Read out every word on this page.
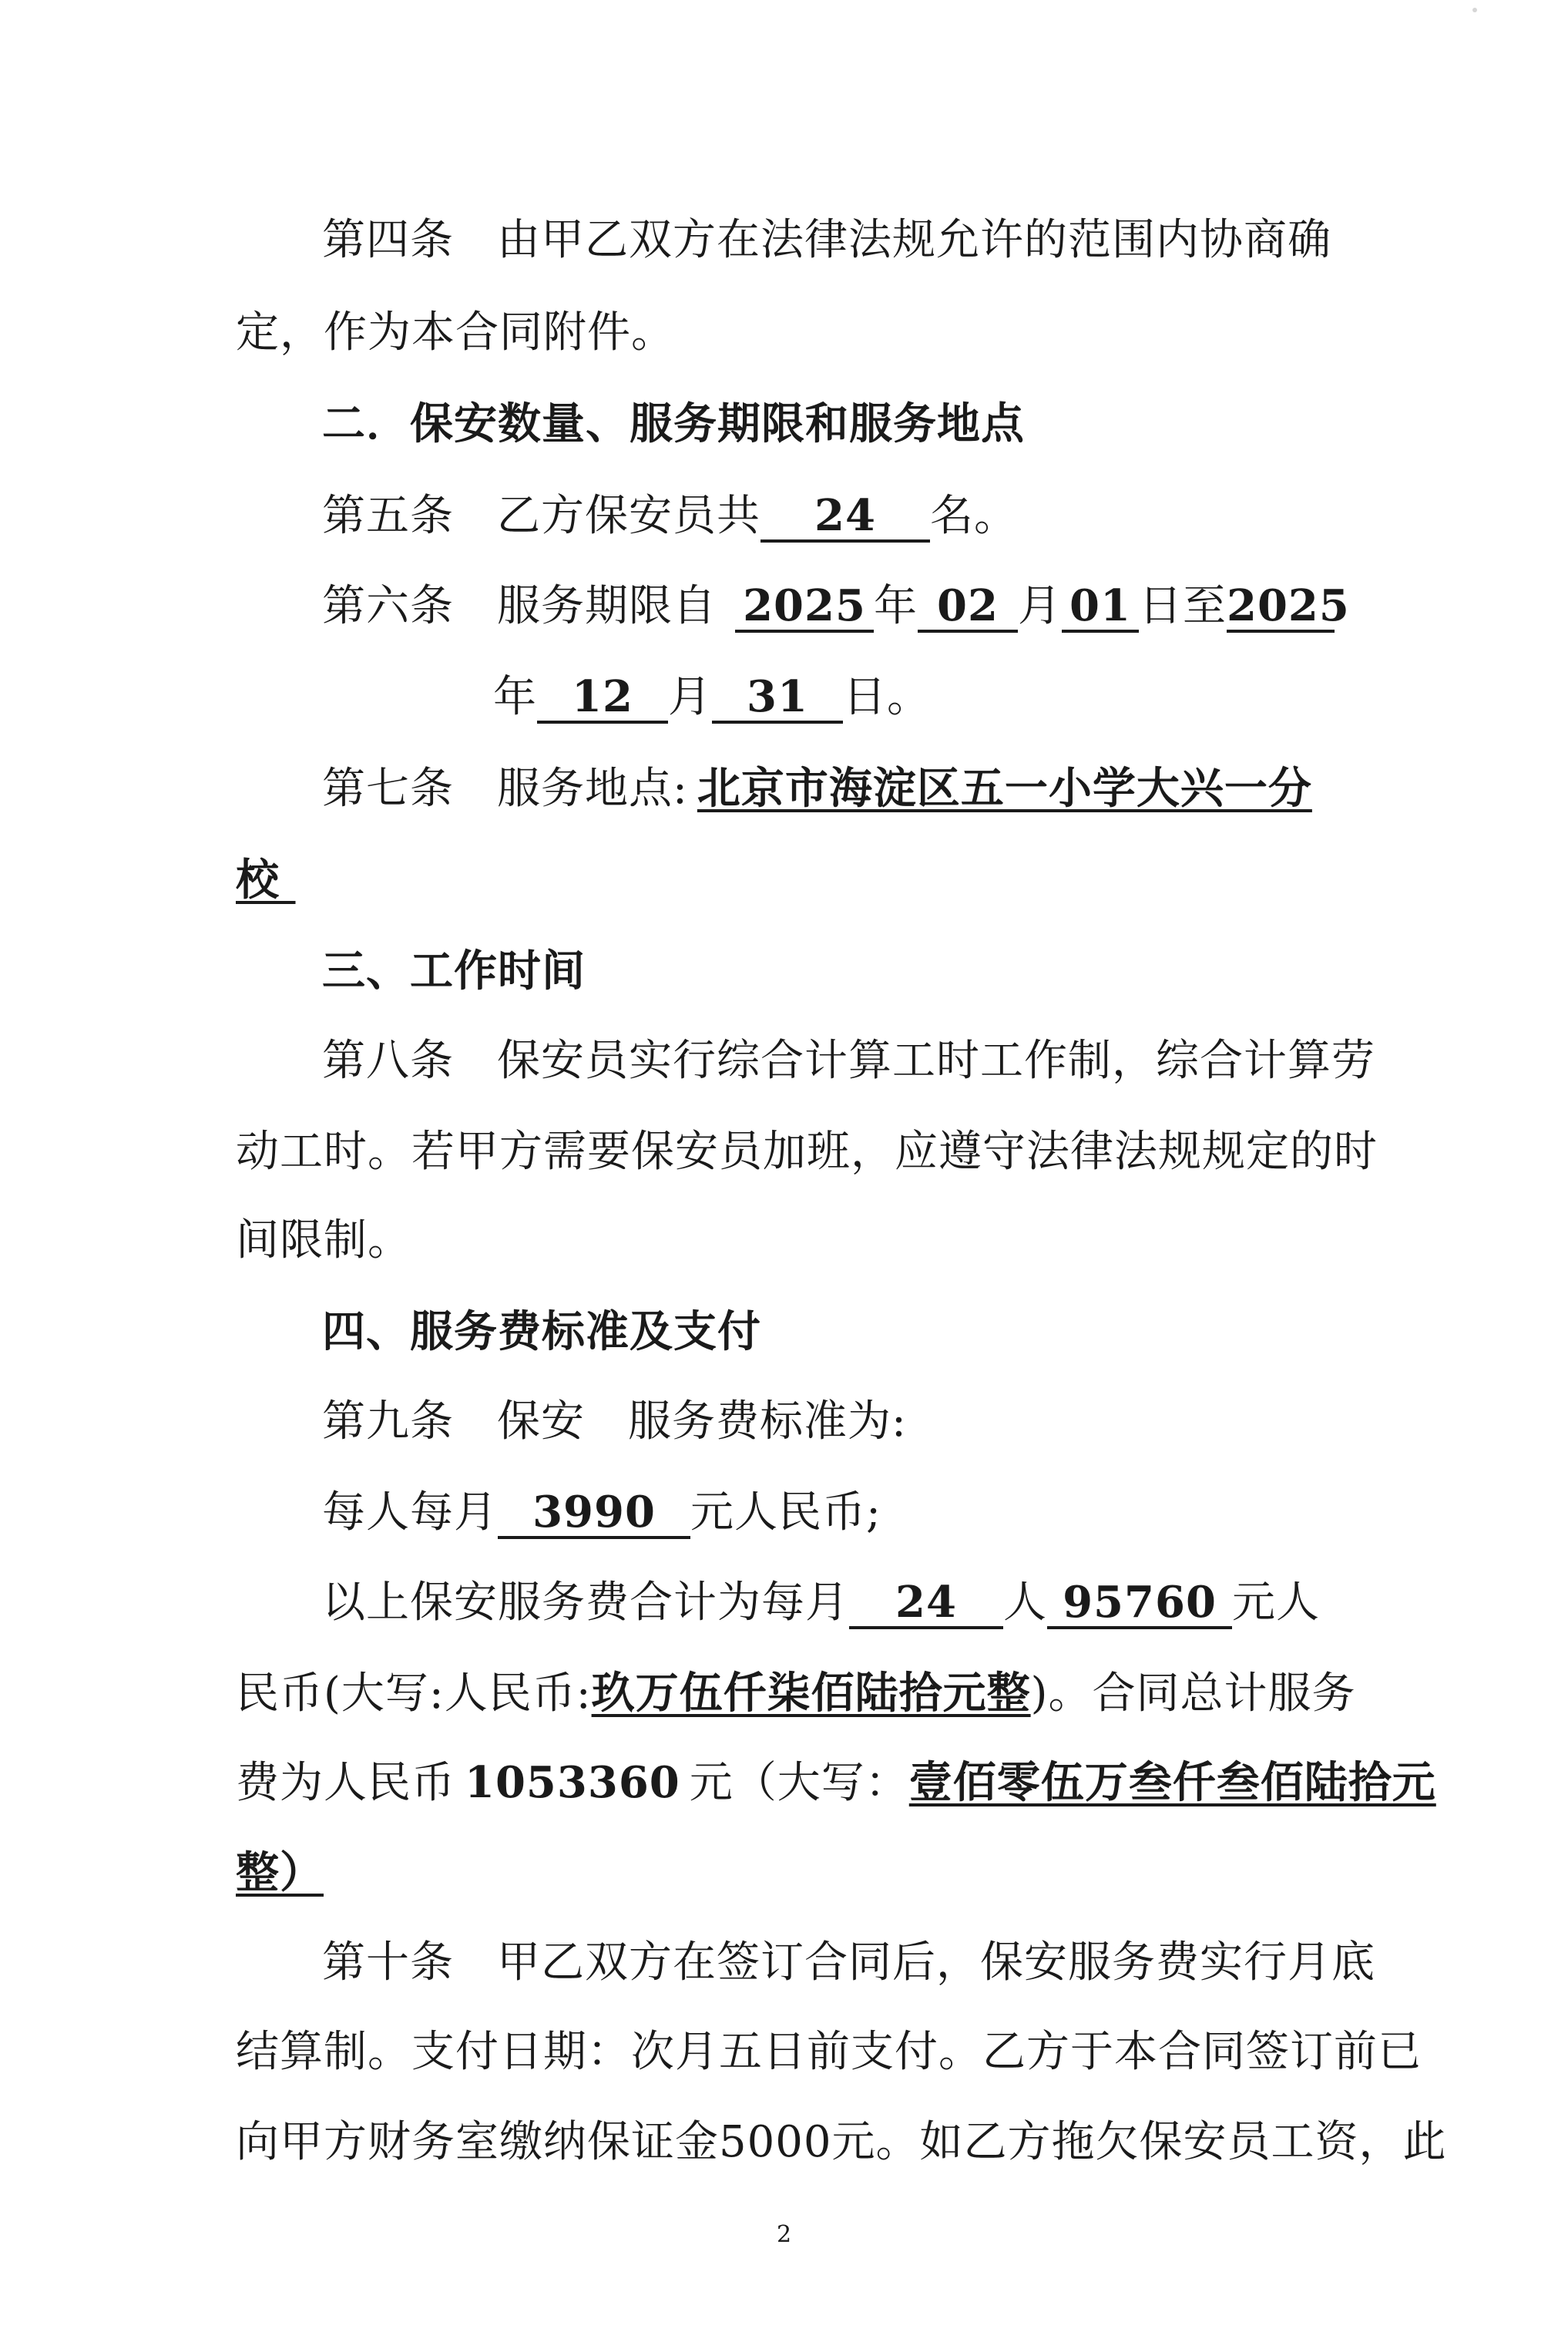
第四条 由甲乙双方在法律法规允许的范围内协商确
定，作为本合同附件。
二．保安数量、服务期限和服务地点
第五条 乙方保安员共 24 名。
第六条 服务期限自 2025 年 02 月 01 日至2025
年 12 月 31 日。
第七条 服务地点: 北京市海淀区五一小学大兴一分
校
三、工作时间
第八条 保安员实行综合计算工时工作制，综合计算劳
动工时。若甲方需要保安员加班，应遵守法律法规规定的时
间限制。
四、服务费标准及支付
第九条 保安 服务费标准为:
每人每月 3990 元人民币;
以上保安服务费合计为每月 24 人 95760 元人
民币(大写:人民币:玖万伍仟柒佰陆拾元整)。合同总计服务
费为人民币 1053360 元（大写：壹佰零伍万叁仟叁佰陆拾元
整）
第十条 甲乙双方在签订合同后，保安服务费实行月底
结算制。支付日期：次月五日前支付。乙方于本合同签订前已
向甲方财务室缴纳保证金5000元。如乙方拖欠保安员工资，此
2
